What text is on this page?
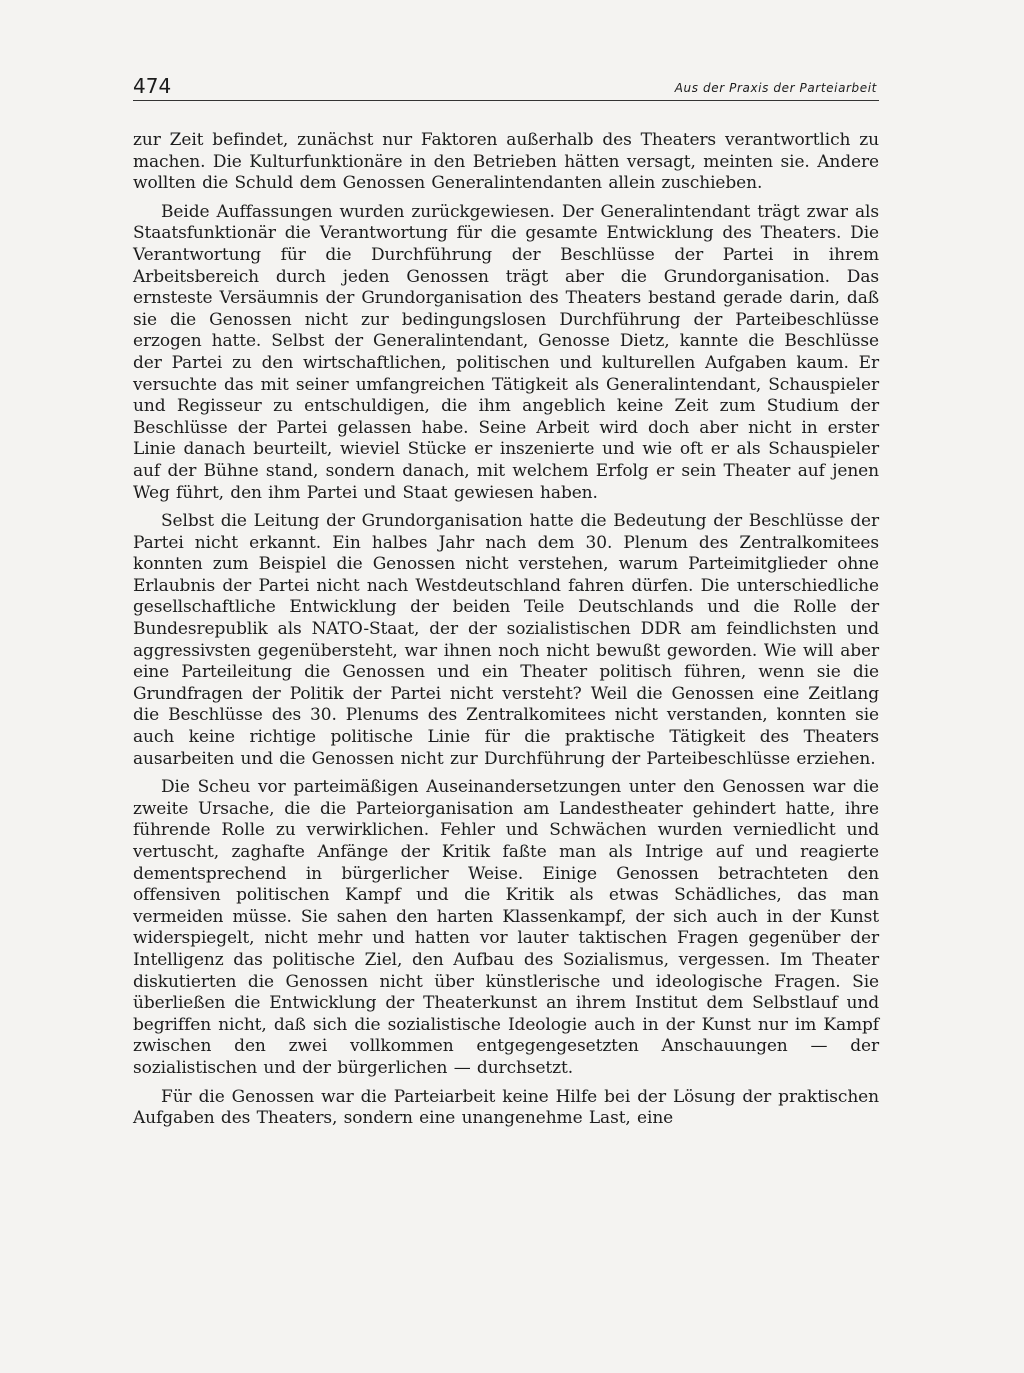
474	Aus der Praxis der Parteiarbeit

zur Zeit befindet, zunächst nur Faktoren außerhalb des Theaters verantwortlich zu machen. Die Kulturfunktionäre in den Betrieben hätten versagt, meinten sie. Andere wollten die Schuld dem Genossen Generalintendanten allein zuschieben.

Beide Auffassungen wurden zurückgewiesen. Der Generalintendant trägt zwar als Staatsfunktionär die Verantwortung für die gesamte Entwicklung des Theaters. Die Verantwortung für die Durchführung der Beschlüsse der Partei in ihrem Arbeitsbereich durch jeden Genossen trägt aber die Grundorganisation. Das ernsteste Versäumnis der Grundorganisation des Theaters bestand gerade darin, daß sie die Genossen nicht zur bedingungslosen Durchführung der Parteibeschlüsse erzogen hatte. Selbst der Generalintendant, Genosse Dietz, kannte die Beschlüsse der Partei zu den wirtschaftlichen, politischen und kulturellen Aufgaben kaum. Er versuchte das mit seiner umfangreichen Tätigkeit als Generalintendant, Schauspieler und Regisseur zu entschuldigen, die ihm angeblich keine Zeit zum Studium der Beschlüsse der Partei gelassen habe. Seine Arbeit wird doch aber nicht in erster Linie danach beurteilt, wieviel Stücke er inszenierte und wie oft er als Schauspieler auf der Bühne stand, sondern danach, mit welchem Erfolg er sein Theater auf jenen Weg führt, den ihm Partei und Staat gewiesen haben.

Selbst die Leitung der Grundorganisation hatte die Bedeutung der Beschlüsse der Partei nicht erkannt. Ein halbes Jahr nach dem 30. Plenum des Zentralkomitees konnten zum Beispiel die Genossen nicht verstehen, warum Parteimitglieder ohne Erlaubnis der Partei nicht nach Westdeutschland fahren dürfen. Die unterschiedliche gesellschaftliche Entwicklung der beiden Teile Deutschlands und die Rolle der Bundesrepublik als NATO-Staat, der der sozialistischen DDR am feindlichsten und aggressivsten gegenübersteht, war ihnen noch nicht bewußt geworden. Wie will aber eine Parteileitung die Genossen und ein Theater politisch führen, wenn sie die Grundfragen der Politik der Partei nicht versteht? Weil die Genossen eine Zeitlang die Beschlüsse des 30. Plenums des Zentralkomitees nicht verstanden, konnten sie auch keine richtige politische Linie für die praktische Tätigkeit des Theaters ausarbeiten und die Genossen nicht zur Durchführung der Parteibeschlüsse erziehen.

Die Scheu vor parteimäßigen Auseinandersetzungen unter den Genossen war die zweite Ursache, die die Parteiorganisation am Landestheater gehindert hatte, ihre führende Rolle zu verwirklichen. Fehler und Schwächen wurden verniedlicht und vertuscht, zaghafte Anfänge der Kritik faßte man als Intrige auf und reagierte dementsprechend in bürgerlicher Weise. Einige Genossen betrachteten den offensiven politischen Kampf und die Kritik als etwas Schädliches, das man vermeiden müsse. Sie sahen den harten Klassenkampf, der sich auch in der Kunst widerspiegelt, nicht mehr und hatten vor lauter taktischen Fragen gegenüber der Intelligenz das politische Ziel, den Aufbau des Sozialismus, vergessen. Im Theater diskutierten die Genossen nicht über künstlerische und ideologische Fragen. Sie überließen die Entwicklung der Theaterkunst an ihrem Institut dem Selbstlauf und begriffen nicht, daß sich die sozialistische Ideologie auch in der Kunst nur im Kampf zwischen den zwei vollkommen entgegengesetzten Anschauungen — der sozialistischen und der bürgerlichen — durchsetzt.

Für die Genossen war die Parteiarbeit keine Hilfe bei der Lösung der praktischen Aufgaben des Theaters, sondern eine unangenehme Last, eine
